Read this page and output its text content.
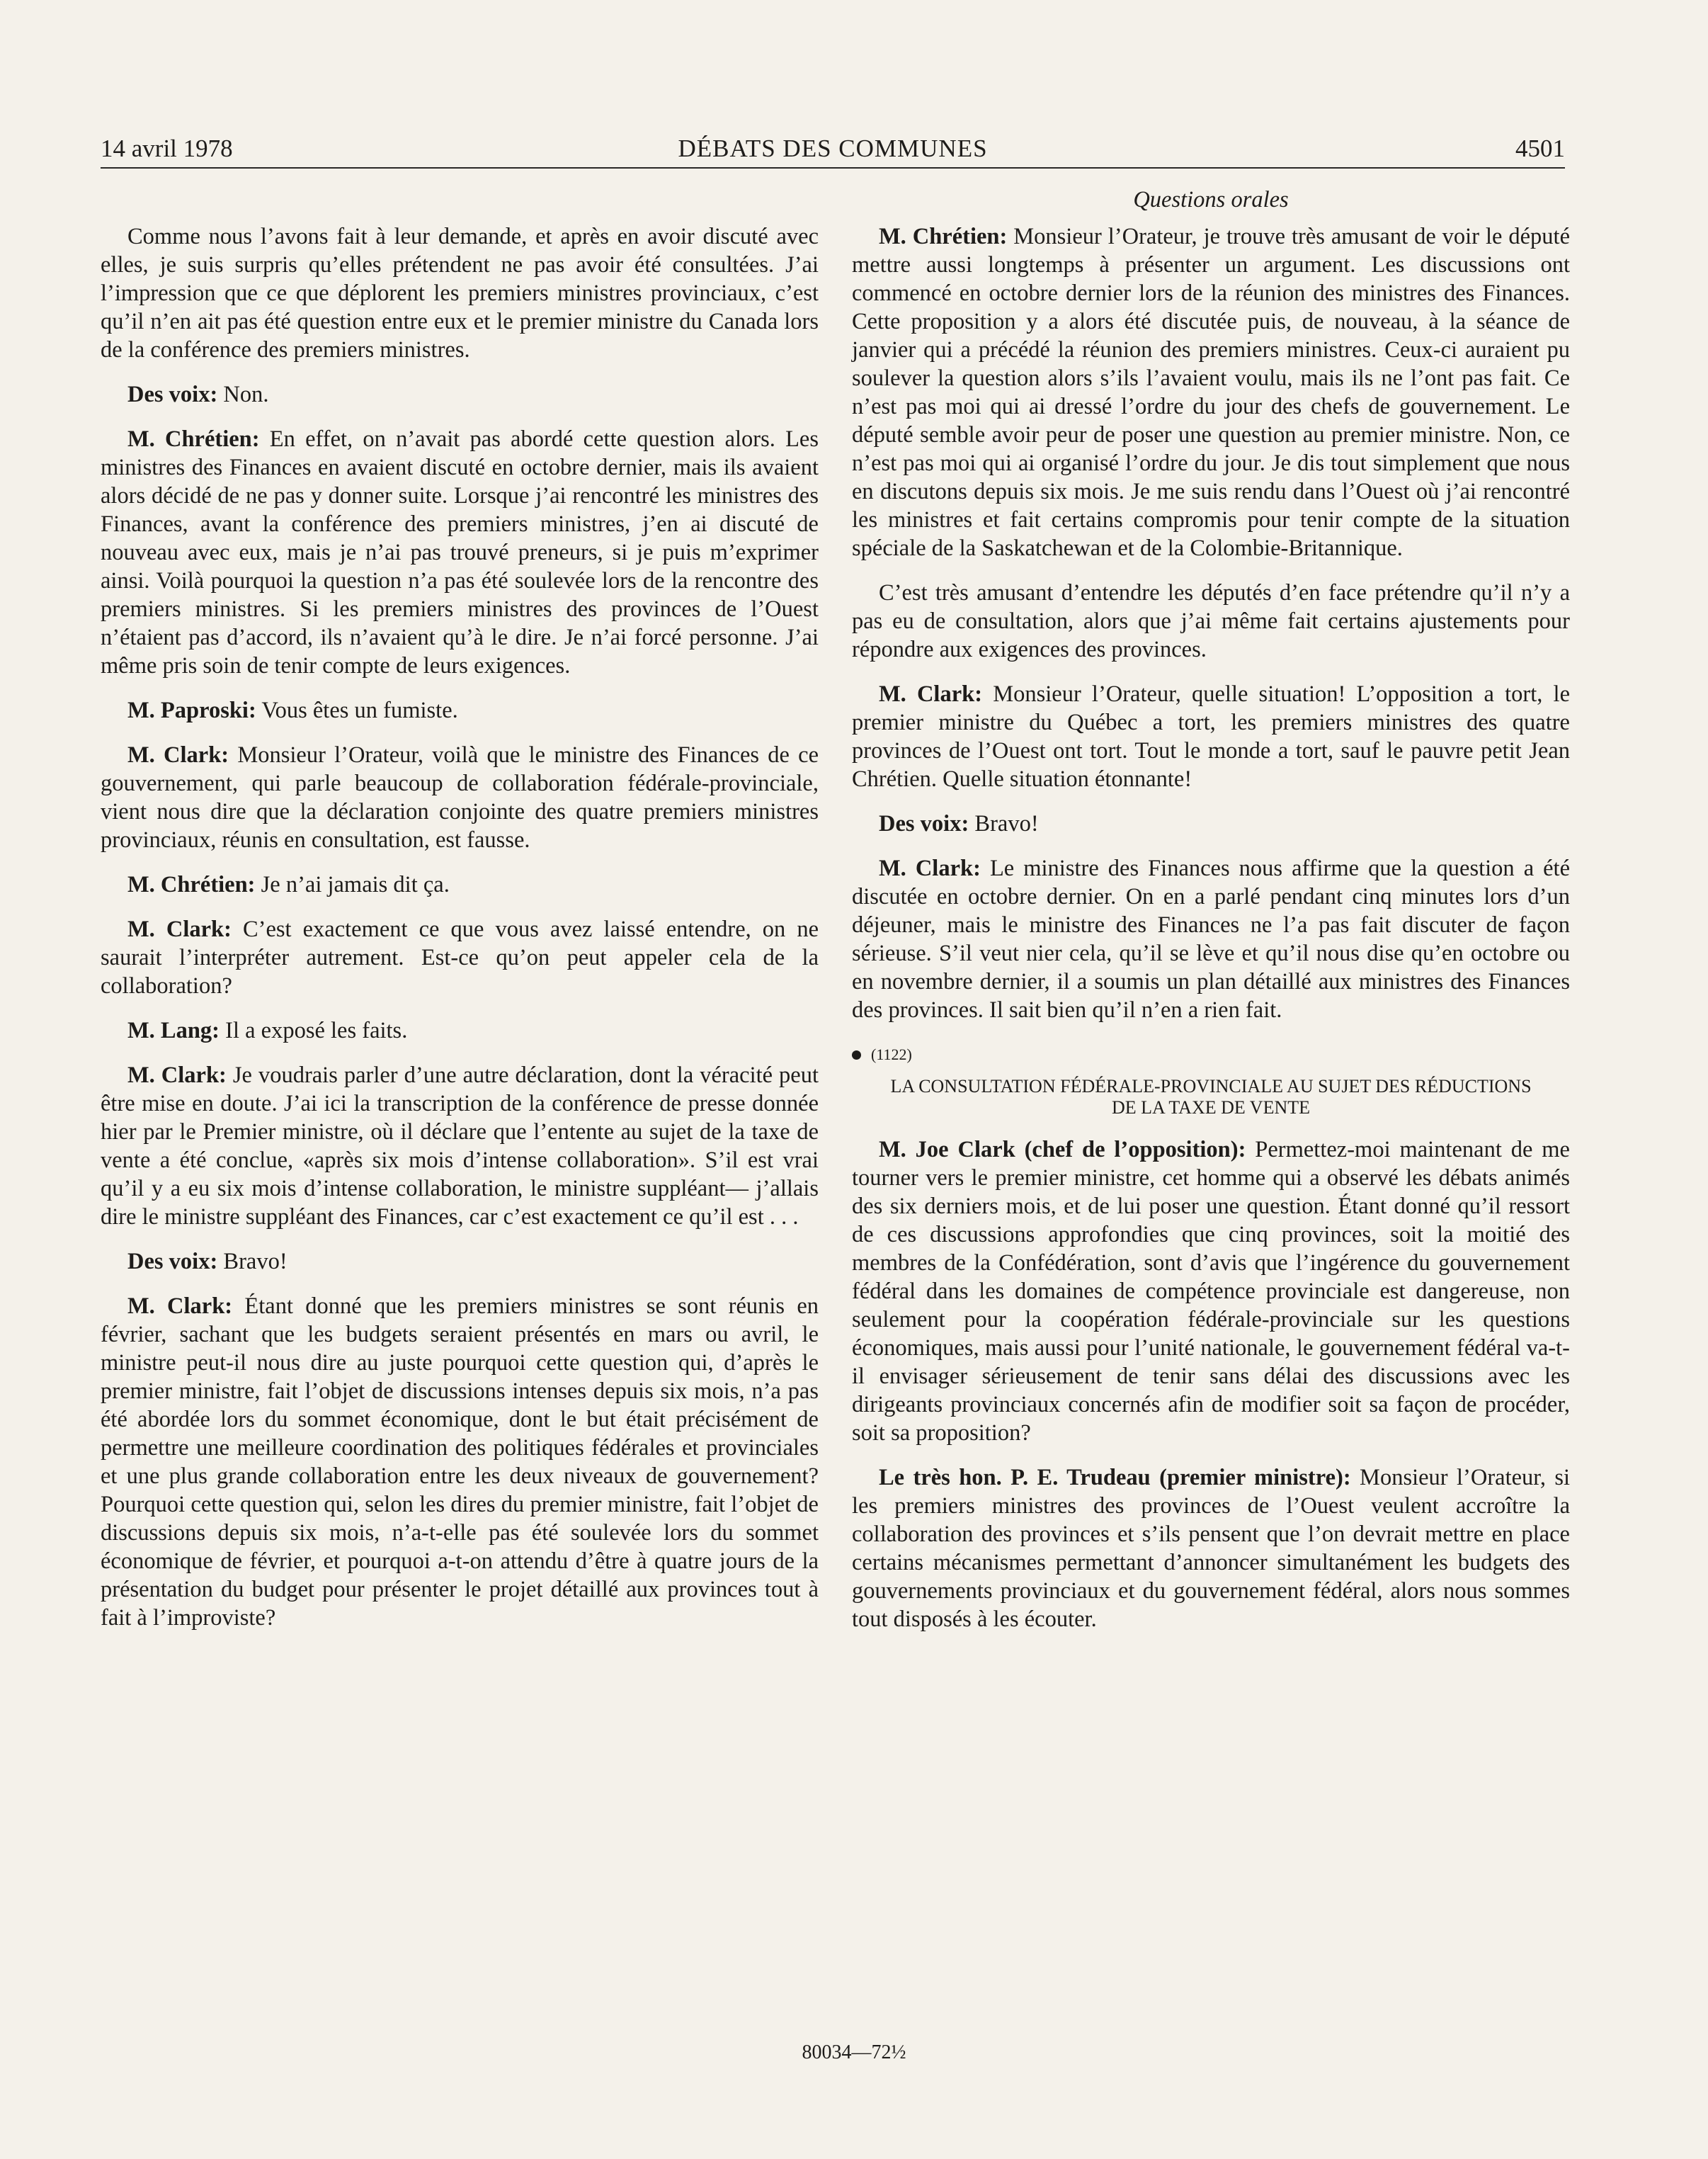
14 avril 1978	DÉBATS DES COMMUNES	4501

Comme nous l’avons fait à leur demande, et après en avoir discuté avec elles, je suis surpris qu’elles prétendent ne pas avoir été consultées. J’ai l’impression que ce que déplorent les premiers ministres provinciaux, c’est qu’il n’en ait pas été question entre eux et le premier ministre du Canada lors de la conférence des premiers ministres.

Des voix: Non.

M. Chrétien: En effet, on n’avait pas abordé cette question alors. Les ministres des Finances en avaient discuté en octobre dernier, mais ils avaient alors décidé de ne pas y donner suite. Lorsque j’ai rencontré les ministres des Finances, avant la conférence des premiers ministres, j’en ai discuté de nouveau avec eux, mais je n’ai pas trouvé preneurs, si je puis m’exprimer ainsi. Voilà pourquoi la question n’a pas été soulevée lors de la rencontre des premiers ministres. Si les premiers ministres des provinces de l’Ouest n’étaient pas d’accord, ils n’avaient qu’à le dire. Je n’ai forcé personne. J’ai même pris soin de tenir compte de leurs exigences.

M. Paproski: Vous êtes un fumiste.

M. Clark: Monsieur l’Orateur, voilà que le ministre des Finances de ce gouvernement, qui parle beaucoup de collaboration fédérale-provinciale, vient nous dire que la déclaration conjointe des quatre premiers ministres provinciaux, réunis en consultation, est fausse.

M. Chrétien: Je n’ai jamais dit ça.

M. Clark: C’est exactement ce que vous avez laissé entendre, on ne saurait l’interpréter autrement. Est-ce qu’on peut appeler cela de la collaboration?

M. Lang: Il a exposé les faits.

M. Clark: Je voudrais parler d’une autre déclaration, dont la véracité peut être mise en doute. J’ai ici la transcription de la conférence de presse donnée hier par le Premier ministre, où il déclare que l’entente au sujet de la taxe de vente a été conclue, «après six mois d’intense collaboration». S’il est vrai qu’il y a eu six mois d’intense collaboration, le ministre suppléant— j’allais dire le ministre suppléant des Finances, car c’est exactement ce qu’il est . . .

Des voix: Bravo!

M. Clark: Étant donné que les premiers ministres se sont réunis en février, sachant que les budgets seraient présentés en mars ou avril, le ministre peut-il nous dire au juste pourquoi cette question qui, d’après le premier ministre, fait l’objet de discussions intenses depuis six mois, n’a pas été abordée lors du sommet économique, dont le but était précisément de permettre une meilleure coordination des politiques fédérales et provinciales et une plus grande collaboration entre les deux niveaux de gouvernement? Pourquoi cette question qui, selon les dires du premier ministre, fait l’objet de discussions depuis six mois, n’a-t-elle pas été soulevée lors du sommet économique de février, et pourquoi a-t-on attendu d’être à quatre jours de la présentation du budget pour présenter le projet détaillé aux provinces tout à fait à l’improviste?

Questions orales

M. Chrétien: Monsieur l’Orateur, je trouve très amusant de voir le député mettre aussi longtemps à présenter un argument. Les discussions ont commencé en octobre dernier lors de la réunion des ministres des Finances. Cette proposition y a alors été discutée puis, de nouveau, à la séance de janvier qui a précédé la réunion des premiers ministres. Ceux-ci auraient pu soulever la question alors s’ils l’avaient voulu, mais ils ne l’ont pas fait. Ce n’est pas moi qui ai dressé l’ordre du jour des chefs de gouvernement. Le député semble avoir peur de poser une question au premier ministre. Non, ce n’est pas moi qui ai organisé l’ordre du jour. Je dis tout simplement que nous en discutons depuis six mois. Je me suis rendu dans l’Ouest où j’ai rencontré les ministres et fait certains compromis pour tenir compte de la situation spéciale de la Saskatchewan et de la Colombie-Britannique.

C’est très amusant d’entendre les députés d’en face prétendre qu’il n’y a pas eu de consultation, alors que j’ai même fait certains ajustements pour répondre aux exigences des provinces.

M. Clark: Monsieur l’Orateur, quelle situation! L’opposition a tort, le premier ministre du Québec a tort, les premiers ministres des quatre provinces de l’Ouest ont tort. Tout le monde a tort, sauf le pauvre petit Jean Chrétien. Quelle situation étonnante!

Des voix: Bravo!

M. Clark: Le ministre des Finances nous affirme que la question a été discutée en octobre dernier. On en a parlé pendant cinq minutes lors d’un déjeuner, mais le ministre des Finances ne l’a pas fait discuter de façon sérieuse. S’il veut nier cela, qu’il se lève et qu’il nous dise qu’en octobre ou en novembre dernier, il a soumis un plan détaillé aux ministres des Finances des provinces. Il sait bien qu’il n’en a rien fait.

(1122)
LA CONSULTATION FÉDÉRALE-PROVINCIALE AU SUJET DES RÉDUCTIONS DE LA TAXE DE VENTE

M. Joe Clark (chef de l’opposition): Permettez-moi maintenant de me tourner vers le premier ministre, cet homme qui a observé les débats animés des six derniers mois, et de lui poser une question. Étant donné qu’il ressort de ces discussions approfondies que cinq provinces, soit la moitié des membres de la Confédération, sont d’avis que l’ingérence du gouvernement fédéral dans les domaines de compétence provinciale est dangereuse, non seulement pour la coopération fédérale-provinciale sur les questions économiques, mais aussi pour l’unité nationale, le gouvernement fédéral va-t-il envisager sérieusement de tenir sans délai des discussions avec les dirigeants provinciaux concernés afin de modifier soit sa façon de procéder, soit sa proposition?

Le très hon. P. E. Trudeau (premier ministre): Monsieur l’Orateur, si les premiers ministres des provinces de l’Ouest veulent accroître la collaboration des provinces et s’ils pensent que l’on devrait mettre en place certains mécanismes permettant d’annoncer simultanément les budgets des gouvernements provinciaux et du gouvernement fédéral, alors nous sommes tout disposés à les écouter.

80034—72½
